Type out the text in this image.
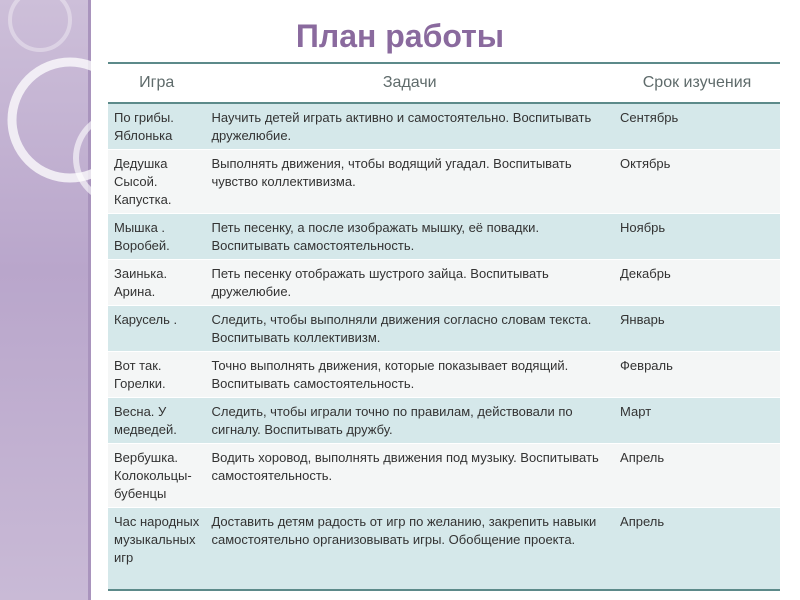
План работы
Игра	Задачи	Срок изучения
По грибы. Яблонька	Научить детей играть активно и самостоятельно. Воспитывать дружелюбие.	Сентябрь
Дедушка Сысой. Капустка.	Выполнять движения, чтобы водящий угадал. Воспитывать чувство коллективизма.	Октябрь
Мышка . Воробей.	Петь песенку, а после изображать мышку, её повадки. Воспитывать самостоятельность.	Ноябрь
Заинька. Арина.	Петь песенку отображать шустрого зайца. Воспитывать дружелюбие.	Декабрь
Карусель .	Следить, чтобы выполняли движения согласно словам текста. Воспитывать коллективизм.	Январь
Вот так. Горелки.	Точно выполнять движения, которые показывает водящий. Воспитывать самостоятельность.	Февраль
Весна. У медведей.	Следить, чтобы играли точно по правилам, действовали по сигналу. Воспитывать дружбу.	Март
Вербушка. Колокольцы-бубенцы	Водить хоровод, выполнять движения под музыку. Воспитывать самостоятельность.	Апрель
Час народных музыкальных игр	Доставить детям радость от игр по желанию, закрепить навыки самостоятельно организовывать игры. Обобщение проекта.	Апрель
